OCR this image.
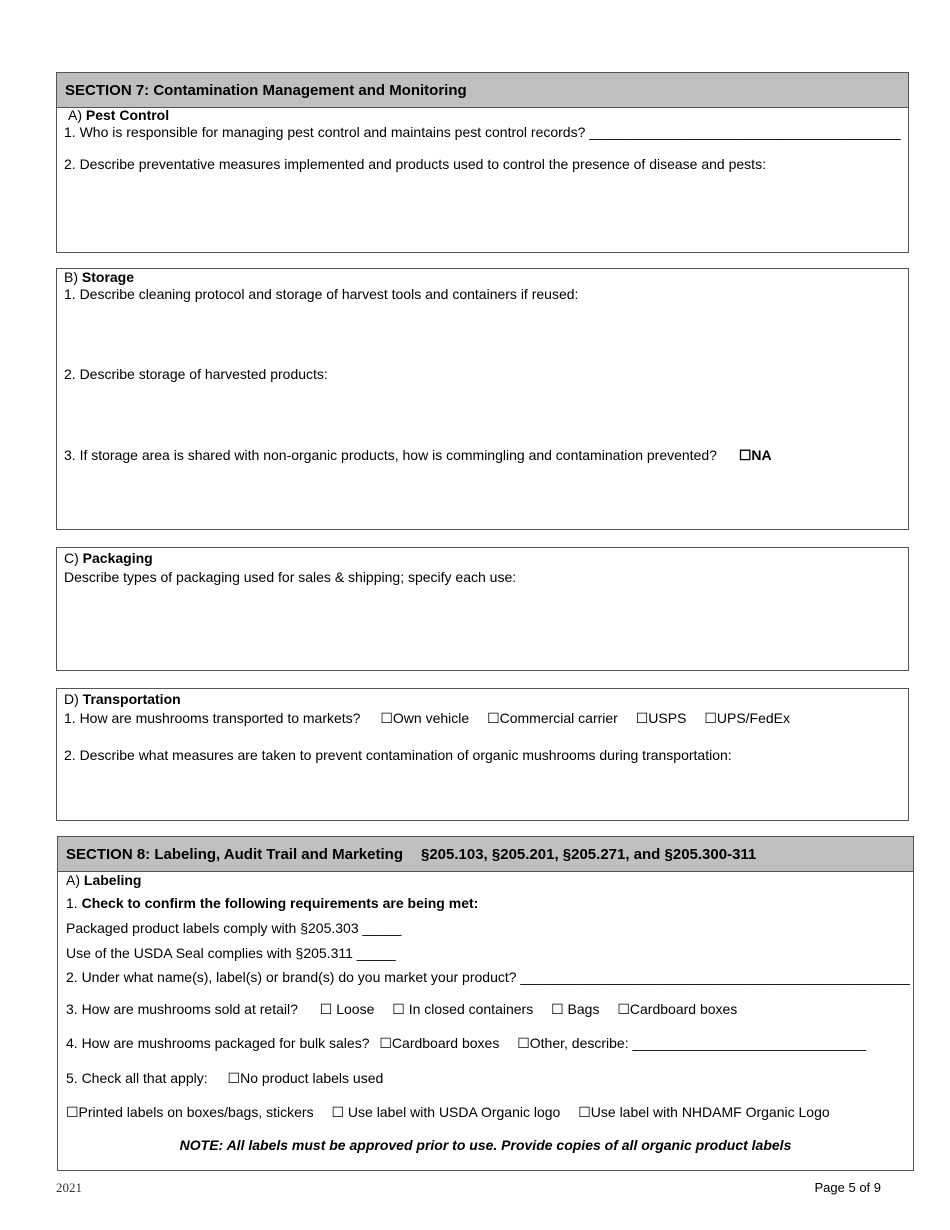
SECTION 7: Contamination Management and Monitoring
A) Pest Control
1. Who is responsible for managing pest control and maintains pest control records? ________________________________________
2. Describe preventative measures implemented and products used to control the presence of disease and pests:
B) Storage
1. Describe cleaning protocol and storage of harvest tools and containers if reused:
2. Describe storage of harvested products:
3. If storage area is shared with non-organic products, how is commingling and contamination prevented? ☐NA
C) Packaging
Describe types of packaging used for sales & shipping; specify each use:
D) Transportation
1. How are mushrooms transported to markets? ☐Own vehicle ☐Commercial carrier ☐USPS ☐UPS/FedEx
2. Describe what measures are taken to prevent contamination of organic mushrooms during transportation:
SECTION 8: Labeling, Audit Trail and Marketing §205.103, §205.201, §205.271, and §205.300-311
A) Labeling
1. Check to confirm the following requirements are being met:
Packaged product labels comply with §205.303 _____
Use of the USDA Seal complies with §205.311 _____
2. Under what name(s), label(s) or brand(s) do you market your product? __________________________________________________
3. How are mushrooms sold at retail? ☐ Loose ☐ In closed containers ☐ Bags ☐Cardboard boxes
4. How are mushrooms packaged for bulk sales? ☐Cardboard boxes ☐Other, describe: ______________________________
5. Check all that apply: ☐No product labels used
☐Printed labels on boxes/bags, stickers ☐ Use label with USDA Organic logo ☐Use label with NHDAMF Organic Logo
NOTE: All labels must be approved prior to use. Provide copies of all organic product labels
2021	Page 5 of 9
